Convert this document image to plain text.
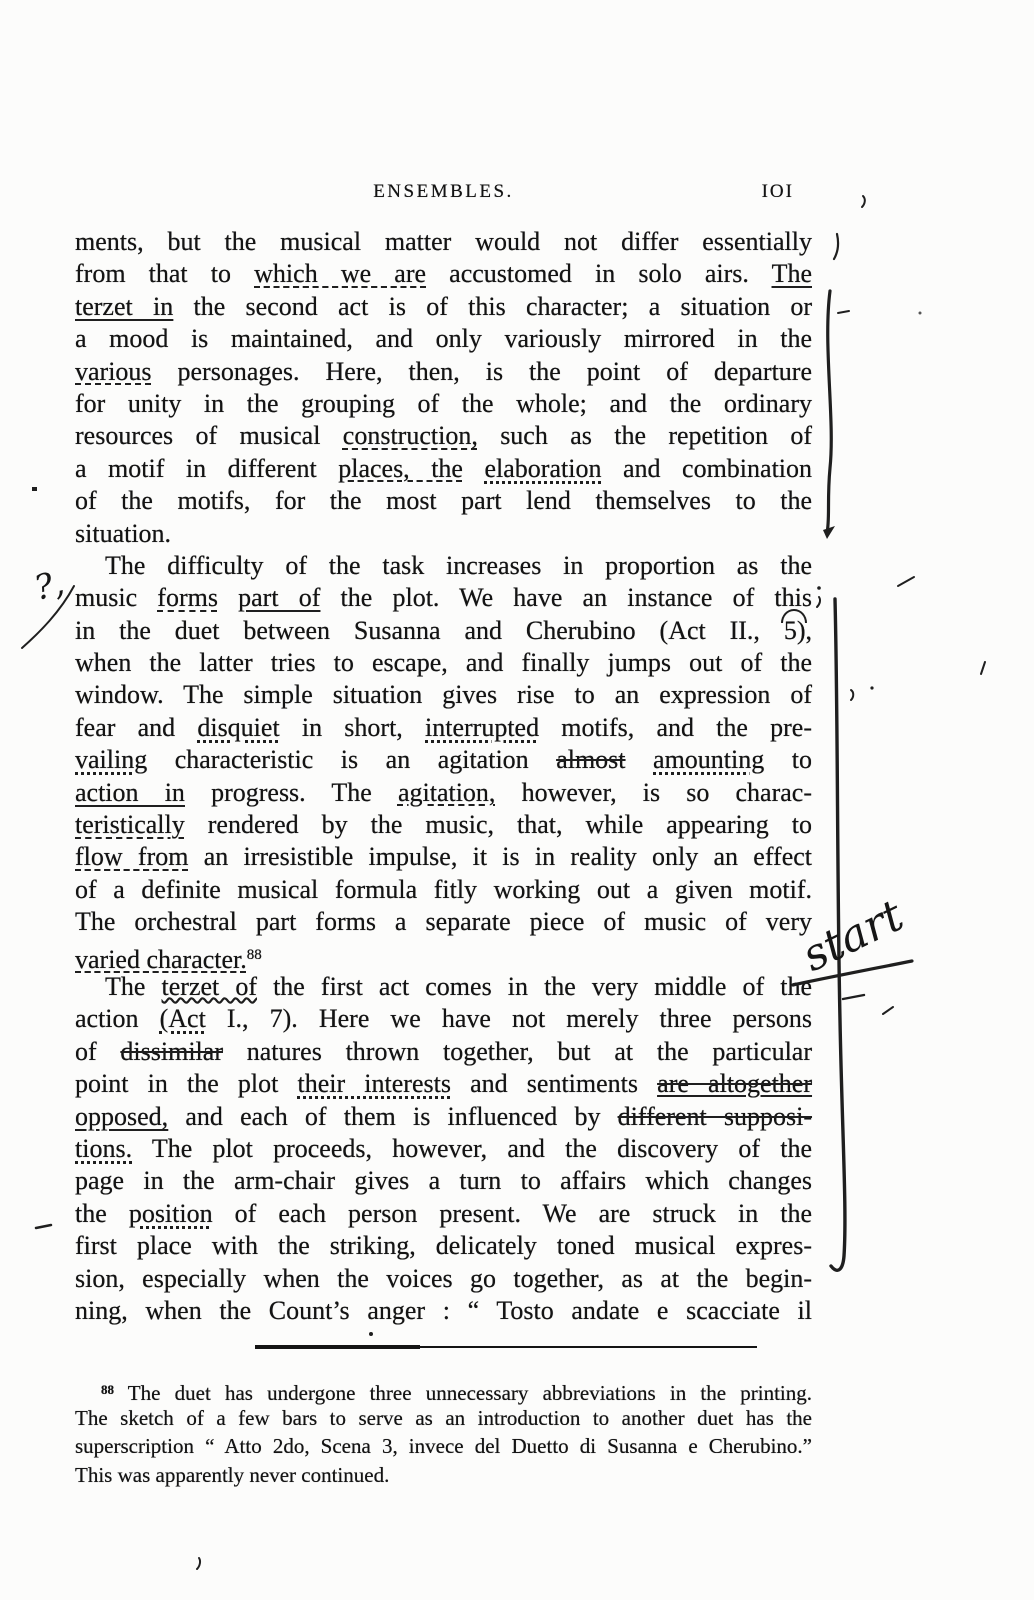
ENSEMBLES.	IOI
ments, but the musical matter would not differ essentially
from that to which we are accustomed in solo airs. The
terzet in the second act is of this character; a situation or
a mood is maintained, and only variously mirrored in the
various personages. Here, then, is the point of departure
for unity in the grouping of the whole; and the ordinary
resources of musical construction, such as the repetition of
a motif in different places, the elaboration and combination
of the motifs, for the most part lend themselves to the
situation.
The difficulty of the task increases in proportion as the
music forms part of the plot. We have an instance of this
in the duet between Susanna and Cherubino (Act II., 5),
when the latter tries to escape, and finally jumps out of the
window. The simple situation gives rise to an expression of
fear and disquiet in short, interrupted motifs, and the pre-
vailing characteristic is an agitation almost amounting to
action in progress. The agitation, however, is so charac-
teristically rendered by the music, that, while appearing to
flow from an irresistible impulse, it is in reality only an effect
of a definite musical formula fitly working out a given motif.
The orchestral part forms a separate piece of music of very
varied character.$^{88}$
The terzet of the first act comes in the very middle of the
action (Act I., 7). Here we have not merely three persons
of dissimilar natures thrown together, but at the particular
point in the plot their interests and sentiments are altogether
opposed, and each of them is influenced by different supposi-
tions. The plot proceeds, however, and the discovery of the
page in the arm-chair gives a turn to affairs which changes
the position of each person present. We are struck in the
first place with the striking, delicately toned musical expres-
sion, especially when the voices go together, as at the begin-
ning, when the Count’s anger : “ Tosto andate e scacciate il
$^{88}$ The duet has undergone three unnecessary abbreviations in the printing.
The sketch of a few bars to serve as an introduction to another duet has the
superscription “ Atto 2do, Scena 3, invece del Duetto di Susanna e Cherubino.”
This was apparently never continued.
start
?,
